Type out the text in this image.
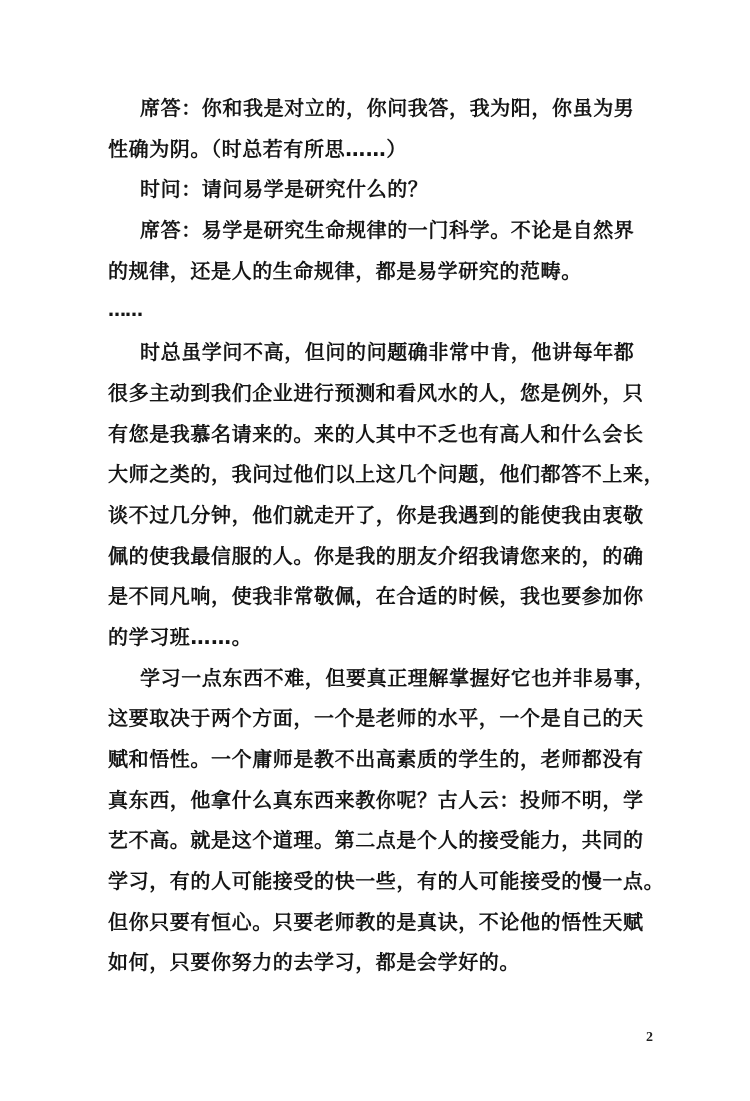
席答：你和我是对立的，你问我答，我为阳，你虽为男
性确为阴。（时总若有所思……）
时问：请问易学是研究什么的？
席答：易学是研究生命规律的一门科学。不论是自然界
的规律，还是人的生命规律，都是易学研究的范畴。
……
时总虽学问不高，但问的问题确非常中肯，他讲每年都
很多主动到我们企业进行预测和看风水的人，您是例外，只
有您是我慕名请来的。来的人其中不乏也有高人和什么会长
大师之类的，我问过他们以上这几个问题，他们都答不上来，
谈不过几分钟，他们就走开了，你是我遇到的能使我由衷敬
佩的使我最信服的人。你是我的朋友介绍我请您来的，的确
是不同凡响，使我非常敬佩，在合适的时候，我也要参加你
的学习班……。
学习一点东西不难，但要真正理解掌握好它也并非易事，
这要取决于两个方面，一个是老师的水平，一个是自己的天
赋和悟性。一个庸师是教不出高素质的学生的，老师都没有
真东西，他拿什么真东西来教你呢？古人云：投师不明，学
艺不高。就是这个道理。第二点是个人的接受能力，共同的
学习，有的人可能接受的快一些，有的人可能接受的慢一点。
但你只要有恒心。只要老师教的是真诀，不论他的悟性天赋
如何，只要你努力的去学习，都是会学好的。
2
